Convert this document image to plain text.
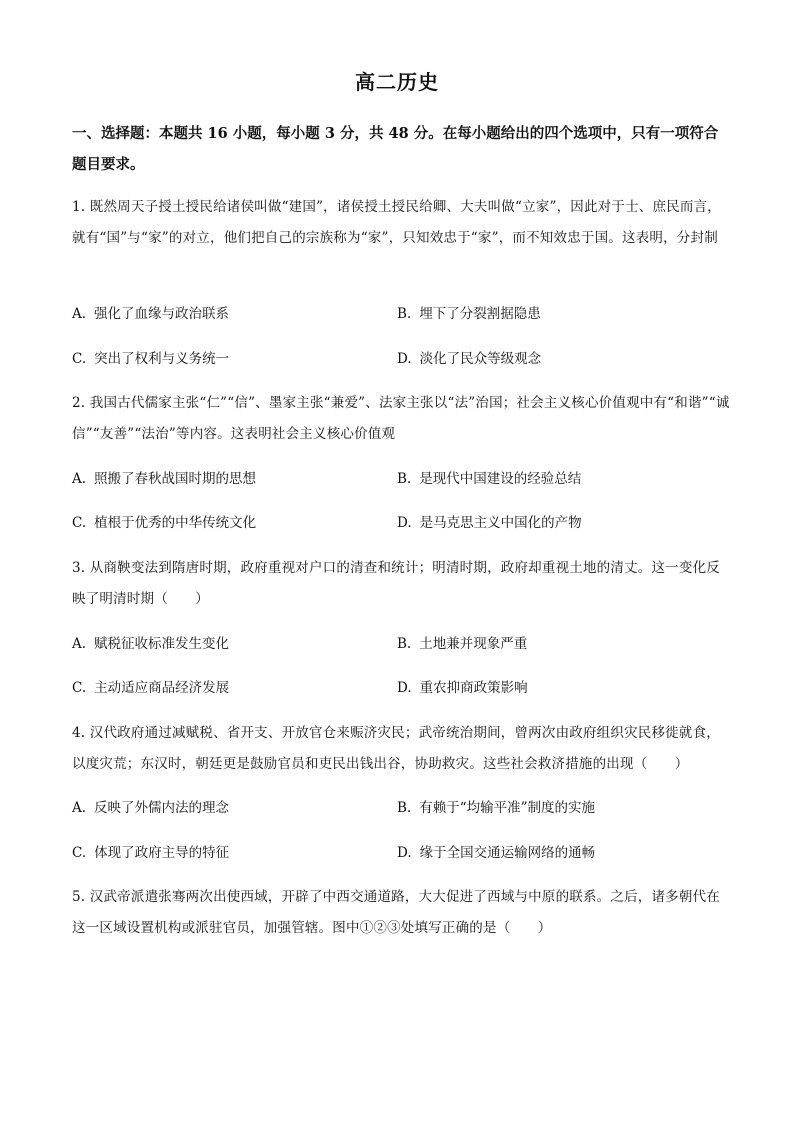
高二历史
一、选择题：本题共 16 小题，每小题 3 分，共 48 分。在每小题给出的四个选项中，只有一项符合题目要求。
1. 既然周天子授土授民给诸侯叫做“建国”，诸侯授土授民给卿、大夫叫做“立家”，因此对于士、庶民而言，就有“国”与“家”的对立，他们把自己的宗族称为“家”，只知效忠于“家”，而不知效忠于国。这表明，分封制
A. 强化了血缘与政治联系	B. 埋下了分裂割据隐患
C. 突出了权利与义务统一	D. 淡化了民众等级观念
2. 我国古代儒家主张“仁”“信”、墨家主张“兼爱”、法家主张以“法”治国；社会主义核心价值观中有“和谐”“诚信”“友善”“法治”等内容。这表明社会主义核心价值观
A. 照搬了春秋战国时期的思想	B. 是现代中国建设的经验总结
C. 植根于优秀的中华传统文化	D. 是马克思主义中国化的产物
3. 从商鞅变法到隋唐时期，政府重视对户口的清查和统计；明清时期，政府却重视土地的清丈。这一变化反映了明清时期（　　）
A. 赋税征收标准发生变化	B. 土地兼并现象严重
C. 主动适应商品经济发展	D. 重农抑商政策影响
4. 汉代政府通过减赋税、省开支、开放官仓来赈济灾民；武帝统治期间，曾两次由政府组织灾民移徙就食，以度灾荒；东汉时，朝廷更是鼓励官员和吏民出钱出谷，协助救灾。这些社会救济措施的出现（　　）
A. 反映了外儒内法的理念	B. 有赖于“均输平准”制度的实施
C. 体现了政府主导的特征	D. 缘于全国交通运输网络的通畅
5. 汉武帝派遣张骞两次出使西域，开辟了中西交通道路，大大促进了西域与中原的联系。之后，诸多朝代在这一区域设置机构或派驻官员，加强管辖。图中①②③处填写正确的是（　　）
